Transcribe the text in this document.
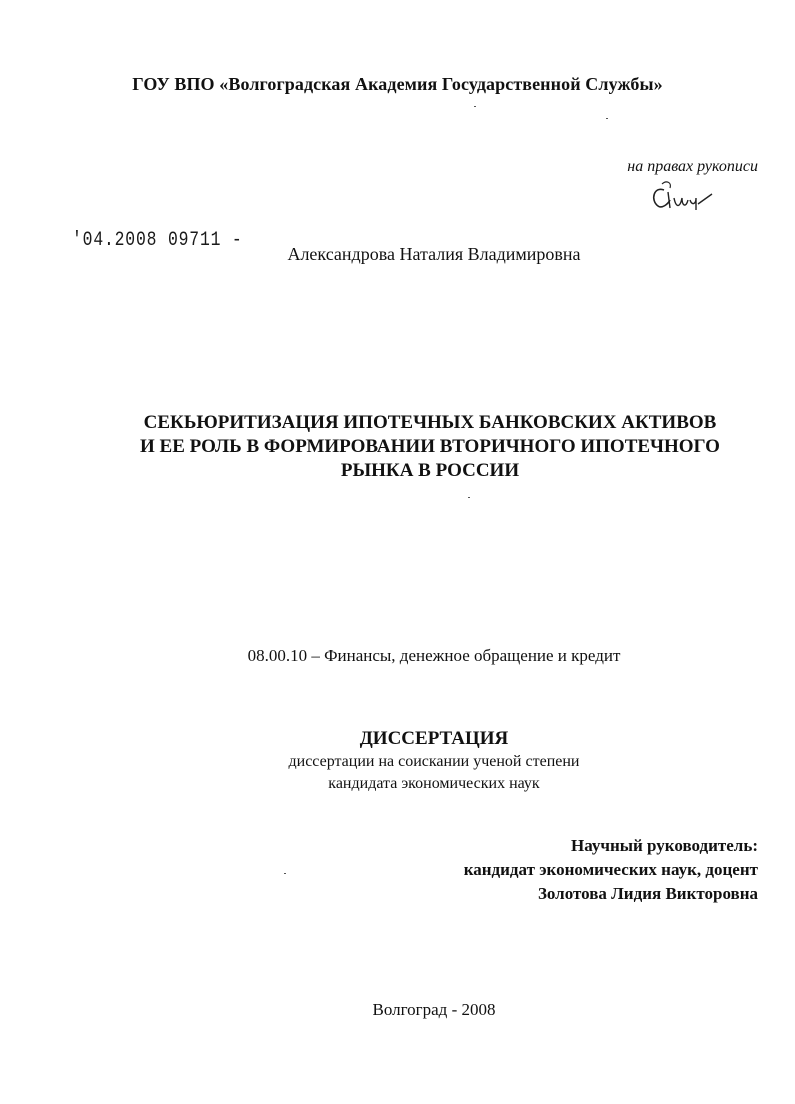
ГОУ ВПО «Волгоградская Академия Государственной Службы»
на правах рукописи
'04.2008 09711 -
Александрова Наталия Владимировна
СЕКЬЮРИТИЗАЦИЯ ИПОТЕЧНЫХ БАНКОВСКИХ АКТИВОВ
И ЕЕ РОЛЬ В ФОРМИРОВАНИИ ВТОРИЧНОГО ИПОТЕЧНОГО
РЫНКА В РОССИИ
08.00.10 – Финансы, денежное обращение и кредит
ДИССЕРТАЦИЯ
диссертации на соискании ученой степени
кандидата экономических наук
Научный руководитель:
кандидат экономических наук, доцент
Золотова Лидия Викторовна
Волгоград - 2008
